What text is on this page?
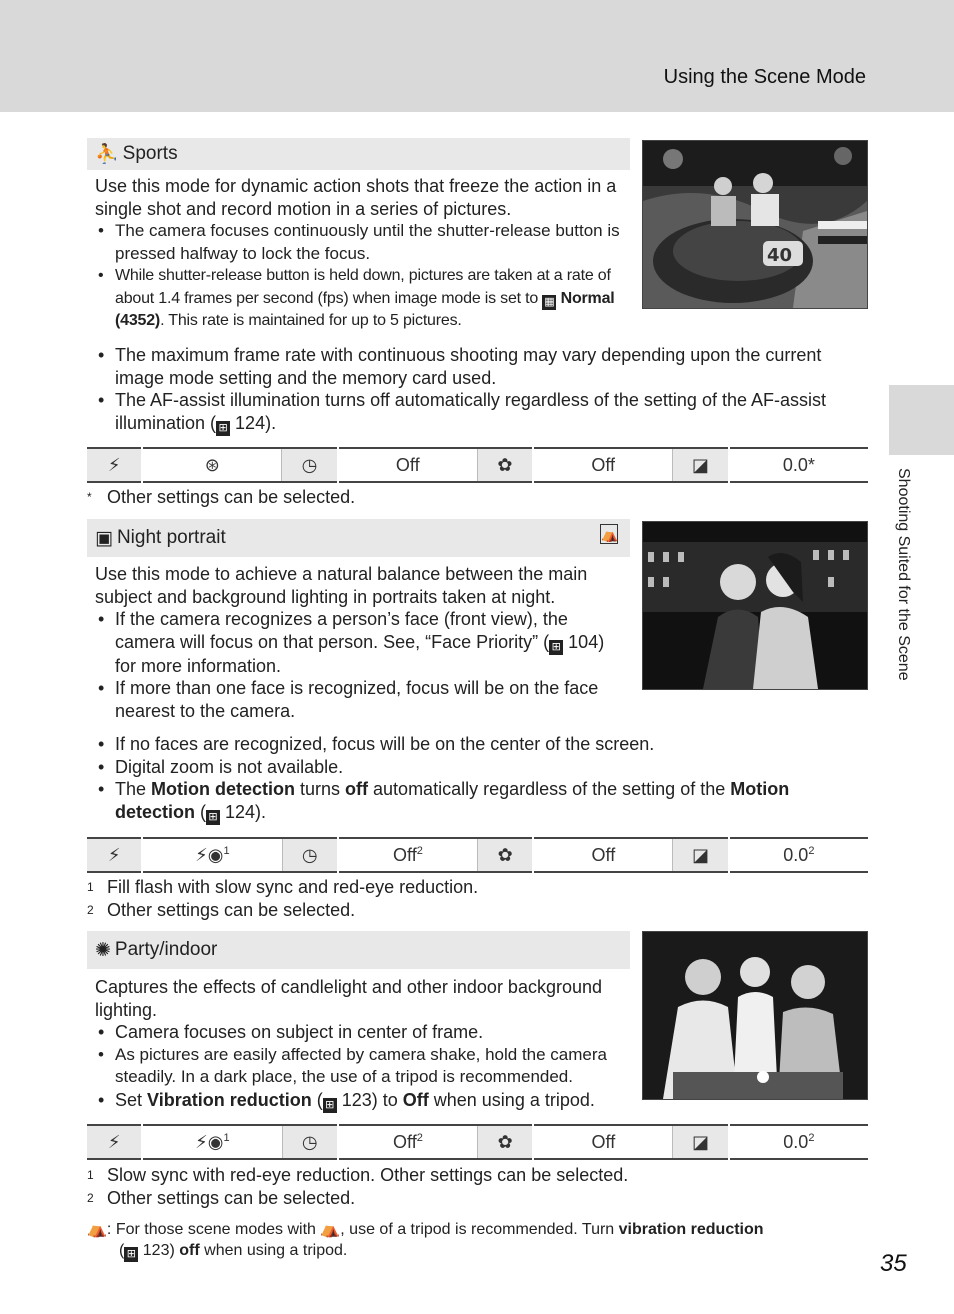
Using the Scene Mode
Shooting Suited for the Scene
⛹ Sports
40

Use this mode for dynamic action shots that freeze the action in a single shot and record motion in a series of pictures.

• The camera focuses continuously until the shutter-release button is pressed halfway to lock the focus.
• While shutter-release button is held down, pictures are taken at a rate of about 1.4 frames per second (fps) when image mode is set to ▦ Normal (4352). This rate is maintained for up to 5 pictures.
• The maximum frame rate with continuous shooting may vary depending upon the current image mode setting and the memory card used.
• The AF-assist illumination turns off automatically regardless of the setting of the AF-assist illumination ( ⊞ 124).
⚡	⊛	◷	Off	✿	Off	◪	0.0*
* Other settings can be selected.
▣ Night portrait	⛺

Use this mode to achieve a natural balance between the main subject and background lighting in portraits taken at night.

• If the camera recognizes a person’s face (front view), the camera will focus on that person. See, “Face Priority” ( ⊞ 104) for more information.
• If more than one face is recognized, focus will be on the face nearest to the camera.
• If no faces are recognized, focus will be on the center of the screen.
• Digital zoom is not available.
• The Motion detection turns off automatically regardless of the setting of the Motion detection ( ⊞ 124).
⚡	⚡◉$^1$	◷	Off$^2$	✿	Off	◪	$0.0^2$
1 Fill flash with slow sync and red-eye reduction.
2 Other settings can be selected.
✺ Party/indoor

Captures the effects of candlelight and other indoor background lighting.

• Camera focuses on subject in center of frame.
• As pictures are easily affected by camera shake, hold the camera steadily. In a dark place, the use of a tripod is recommended.
• Set Vibration reduction ( ⊞ 123) to Off when using a tripod.
⚡	⚡◉$^1$	◷	Off$^2$	✿	Off	◪	$0.0^2$
1 Slow sync with red-eye reduction. Other settings can be selected.
2 Other settings can be selected.
⛺: For those scene modes with ⛺, use of a tripod is recommended. Turn vibration reduction
( ⊞ 123) off when using a tripod.	35
